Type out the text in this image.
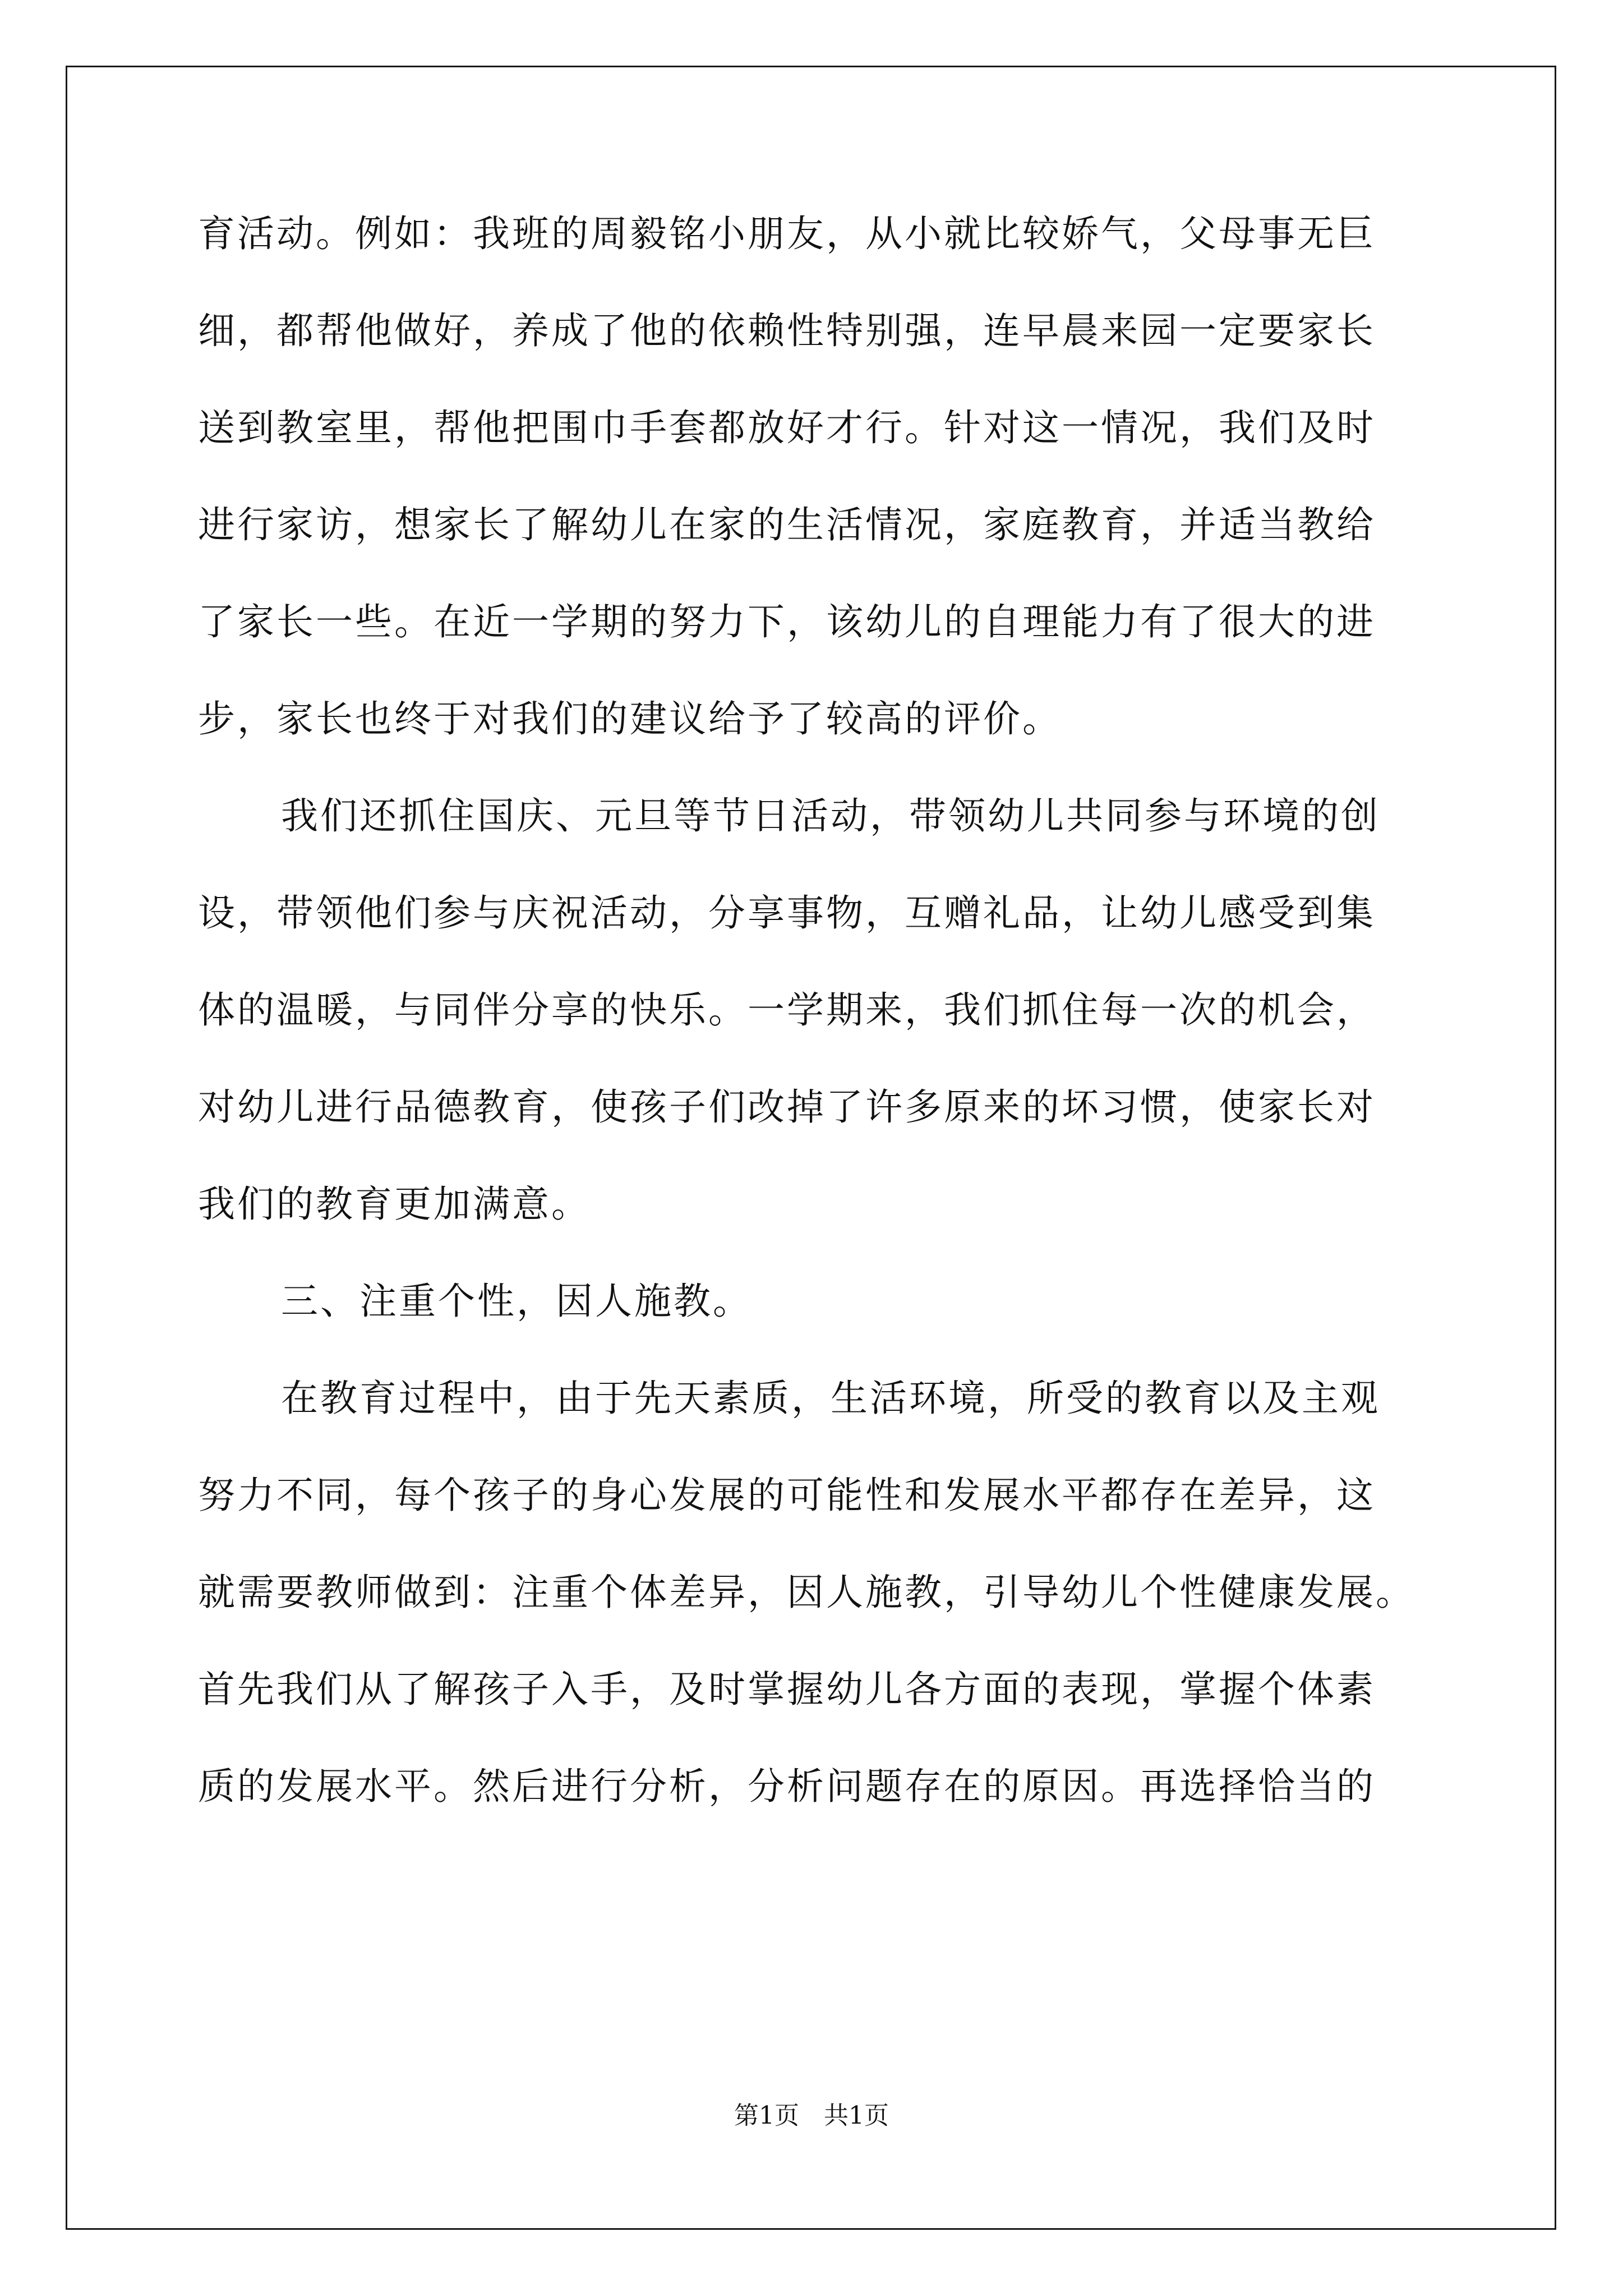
育活动。例如：我班的周毅铭小朋友，从小就比较娇气，父母事无巨
细，都帮他做好，养成了他的依赖性特别强，连早晨来园一定要家长
送到教室里，帮他把围巾手套都放好才行。针对这一情况，我们及时
进行家访，想家长了解幼儿在家的生活情况，家庭教育，并适当教给
了家长一些。在近一学期的努力下，该幼儿的自理能力有了很大的进
步，家长也终于对我们的建议给予了较高的评价。
我们还抓住国庆、元旦等节日活动，带领幼儿共同参与环境的创
设，带领他们参与庆祝活动，分享事物，互赠礼品，让幼儿感受到集
体的温暖，与同伴分享的快乐。一学期来，我们抓住每一次的机会，
对幼儿进行品德教育，使孩子们改掉了许多原来的坏习惯，使家长对
我们的教育更加满意。
三、注重个性，因人施教。
在教育过程中，由于先天素质，生活环境，所受的教育以及主观
努力不同，每个孩子的身心发展的可能性和发展水平都存在差异，这
就需要教师做到：注重个体差异，因人施教，引导幼儿个性健康发展。
首先我们从了解孩子入手，及时掌握幼儿各方面的表现，掌握个体素
质的发展水平。然后进行分析，分析问题存在的原因。再选择恰当的
第1页　共1页
